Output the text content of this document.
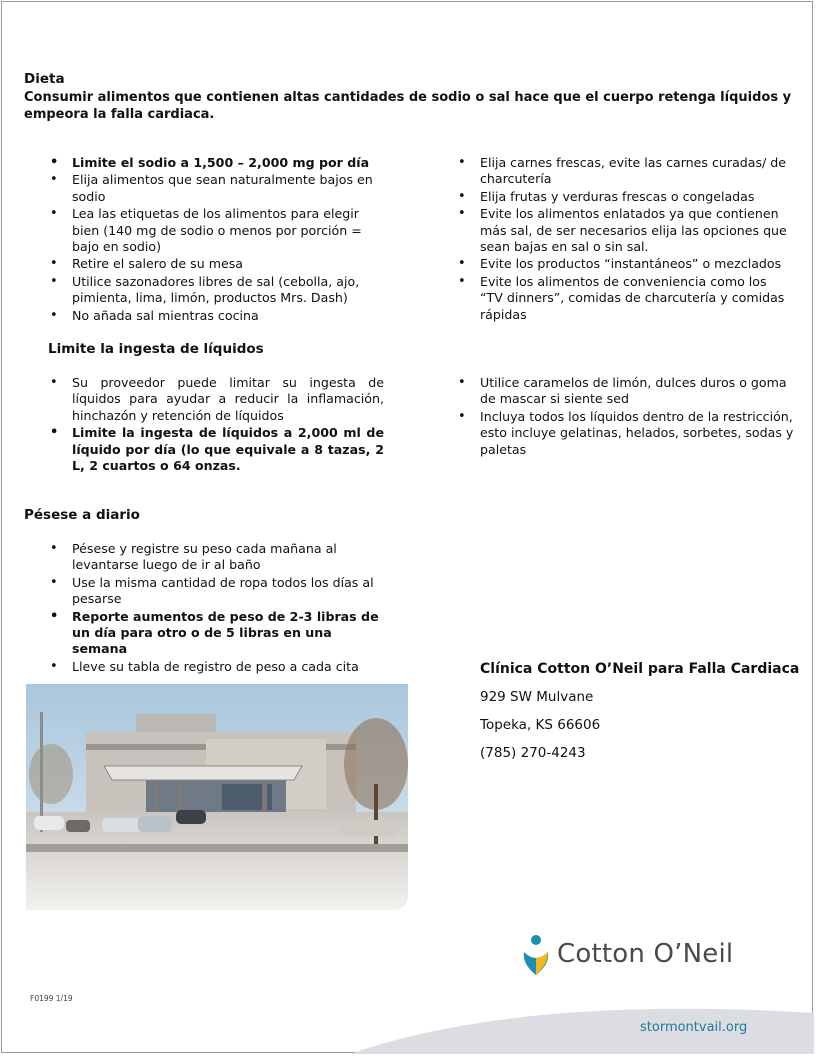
Dieta
Consumir alimentos que contienen altas cantidades de sodio o sal hace que el cuerpo retenga líquidos y empeora la falla cardiaca.
• Limite el sodio a 1,500 – 2,000 mg por día
• Elija alimentos que sean naturalmente bajos en sodio
• Lea las etiquetas de los alimentos para elegir bien (140 mg de sodio o menos por porción = bajo en sodio)
• Retire el salero de su mesa
• Utilice sazonadores libres de sal (cebolla, ajo, pimienta, lima, limón, productos Mrs. Dash)
• No añada sal mientras cocina
• Elija carnes frescas, evite las carnes curadas/ de charcutería
• Elija frutas y verduras frescas o congeladas
• Evite los alimentos enlatados ya que contienen más sal, de ser necesarios elija las opciones que sean bajas en sal o sin sal.
• Evite los productos “instantáneos” o mezclados
• Evite los alimentos de conveniencia como los “TV dinners”, comidas de charcutería y comidas rápidas
Limite la ingesta de líquidos
• Su proveedor puede limitar su ingesta de líquidos para ayudar a reducir la inflamación, hinchazón y retención de líquidos
• Limite la ingesta de líquidos a 2,000 ml de líquido por día (lo que equivale a 8 tazas, 2 L, 2 cuartos o 64 onzas.
• Utilice caramelos de limón, dulces duros o goma de mascar si siente sed
• Incluya todos los líquidos dentro de la restricción, esto incluye gelatinas, helados, sorbetes, sodas y paletas
Pésese a diario
• Pésese y registre su peso cada mañana al levantarse luego de ir al baño
• Use la misma cantidad de ropa todos los días al pesarse
• Reporte aumentos de peso de 2-3 libras de un día para otro o de 5 libras en una semana
• Lleve su tabla de registro de peso a cada cita	Clínica Cotton O’Neil para Falla Cardiaca
929 SW Mulvane
Topeka, KS 66606
(785) 270-4243
Cotton O’Neil
F0199 1/19
stormontvail.org
